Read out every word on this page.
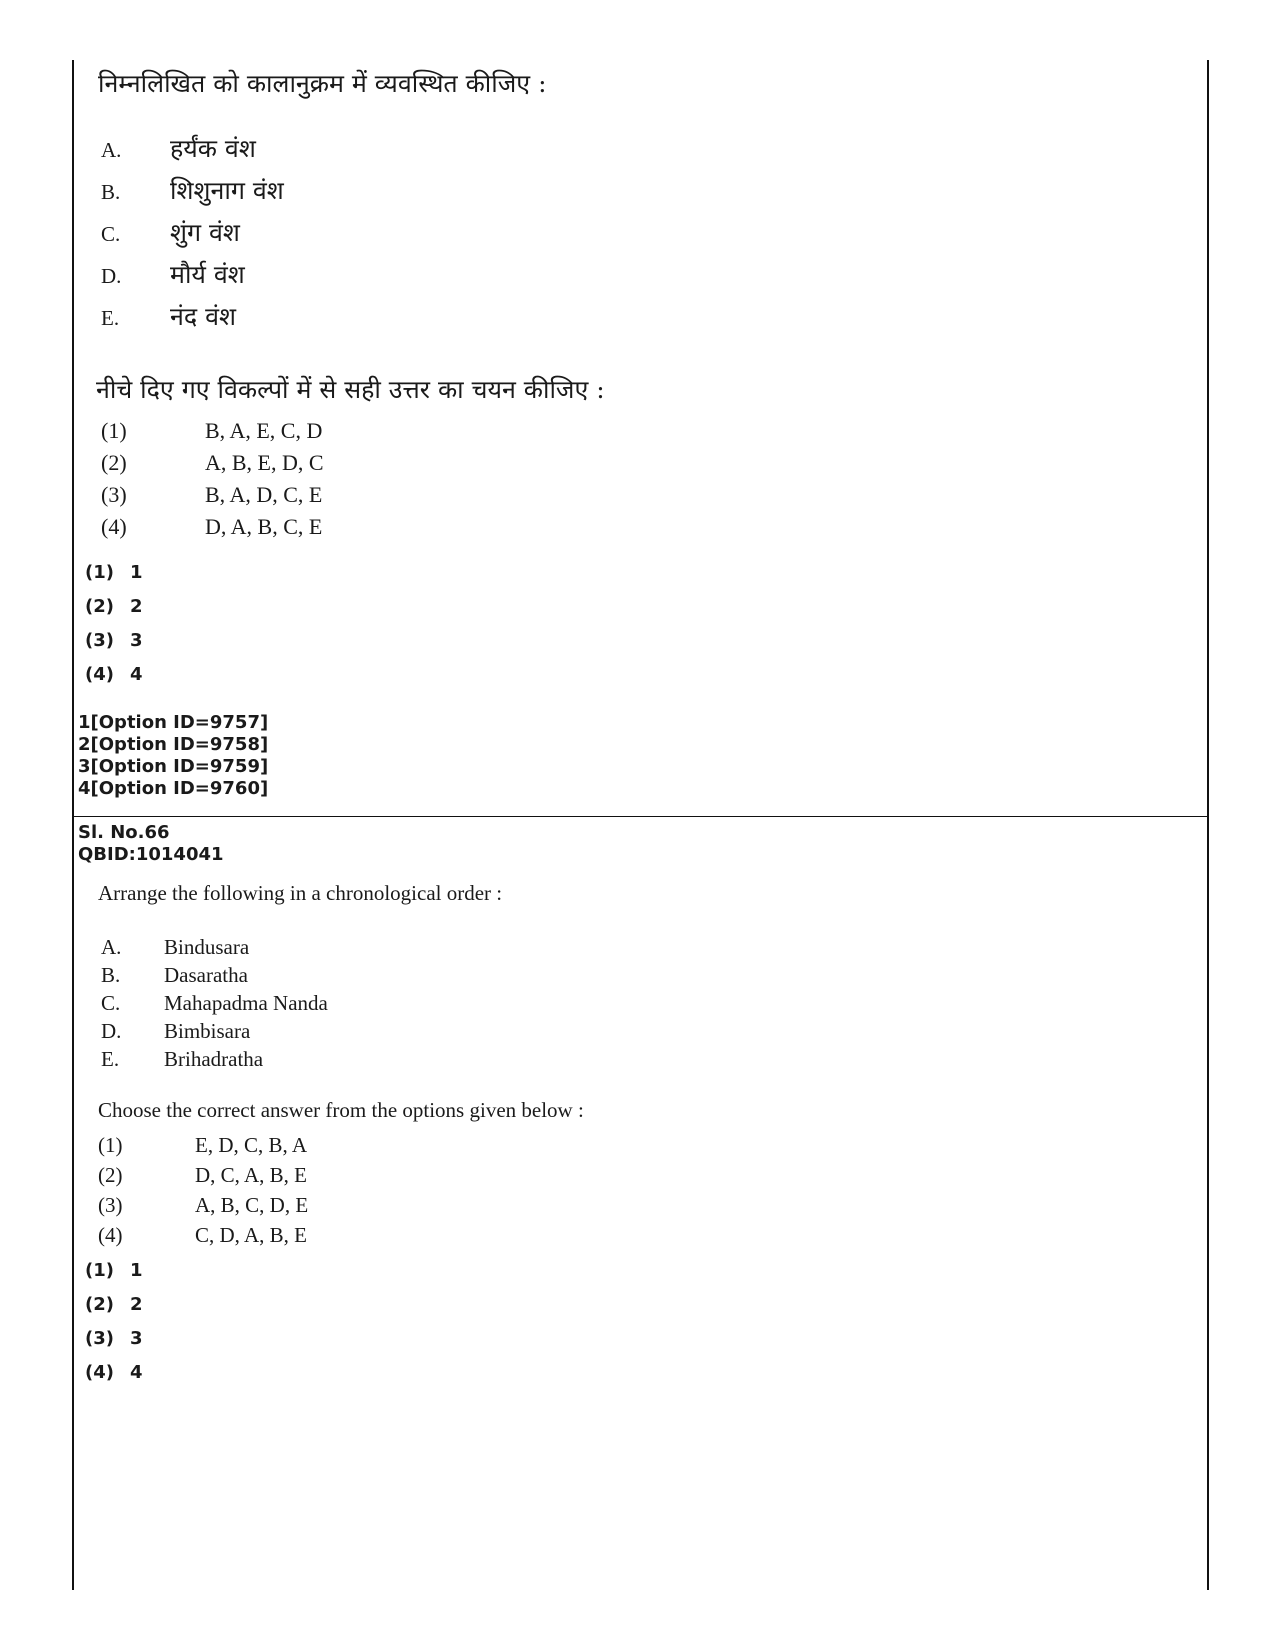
निम्नलिखित को कालानुक्रम में व्यवस्थित कीजिए :
A. हर्यंक वंश
B. शिशुनाग वंश
C. शुंग वंश
D. मौर्य वंश
E. नंद वंश
नीचे दिए गए विकल्पों में से सही उत्तर का चयन कीजिए :
(1)	B, A, E, C, D
(2)	A, B, E, D, C
(3)	B, A, D, C, E
(4)	D, A, B, C, E
(1) 1
(2) 2
(3) 3
(4) 4
1[Option ID=9757]
2[Option ID=9758]
3[Option ID=9759]
4[Option ID=9760]
Sl. No.66
QBID:1014041
Arrange the following in a chronological order :
A. Bindusara
B. Dasaratha
C. Mahapadma Nanda
D. Bimbisara
E. Brihadratha
Choose the correct answer from the options given below :
(1)	E, D, C, B, A
(2)	D, C, A, B, E
(3)	A, B, C, D, E
(4)	C, D, A, B, E
(1) 1
(2) 2
(3) 3
(4) 4
